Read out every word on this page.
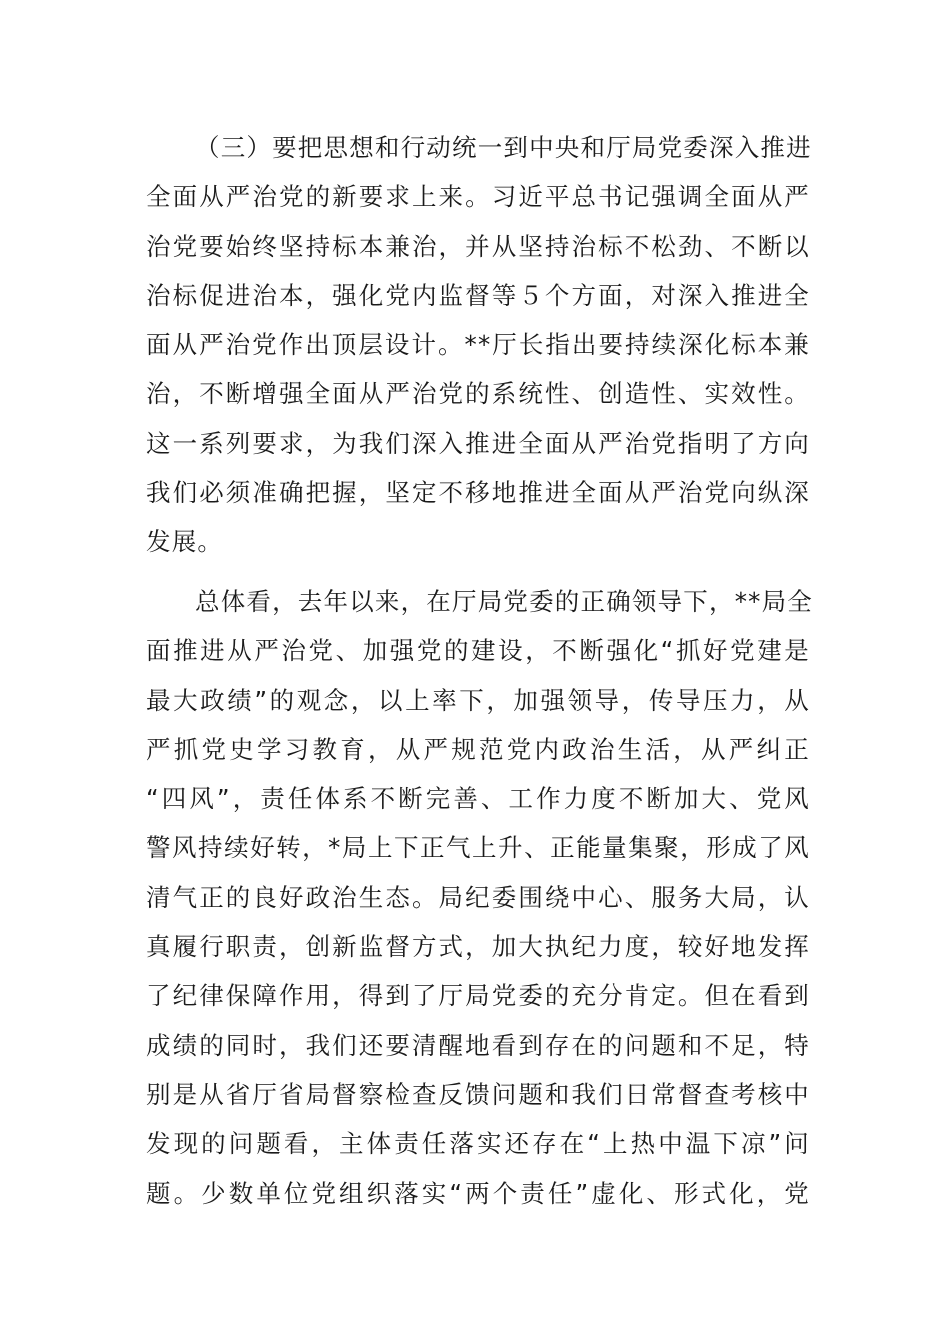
（三）要把思想和行动统一到中央和厅局党委深入推进
全面从严治党的新要求上来。习近平总书记强调全面从严
治党要始终坚持标本兼治，并从坚持治标不松劲、不断以
治标促进治本，强化党内监督等５个方面，对深入推进全
面从严治党作出顶层设计。**厅长指出要持续深化标本兼
治，不断增强全面从严治党的系统性、创造性、实效性。
这一系列要求，为我们深入推进全面从严治党指明了方向
我们必须准确把握，坚定不移地推进全面从严治党向纵深
发展。
总体看，去年以来，在厅局党委的正确领导下，**局全
面推进从严治党、加强党的建设，不断强化“抓好党建是
最大政绩”的观念，以上率下，加强领导，传导压力，从
严抓党史学习教育，从严规范党内政治生活，从严纠正
“四风”，责任体系不断完善、工作力度不断加大、党风
警风持续好转，*局上下正气上升、正能量集聚，形成了风
清气正的良好政治生态。局纪委围绕中心、服务大局，认
真履行职责，创新监督方式，加大执纪力度，较好地发挥
了纪律保障作用，得到了厅局党委的充分肯定。但在看到
成绩的同时，我们还要清醒地看到存在的问题和不足，特
别是从省厅省局督察检查反馈问题和我们日常督查考核中
发现的问题看，主体责任落实还存在“上热中温下凉”问
题。少数单位党组织落实“两个责任”虚化、形式化，党
